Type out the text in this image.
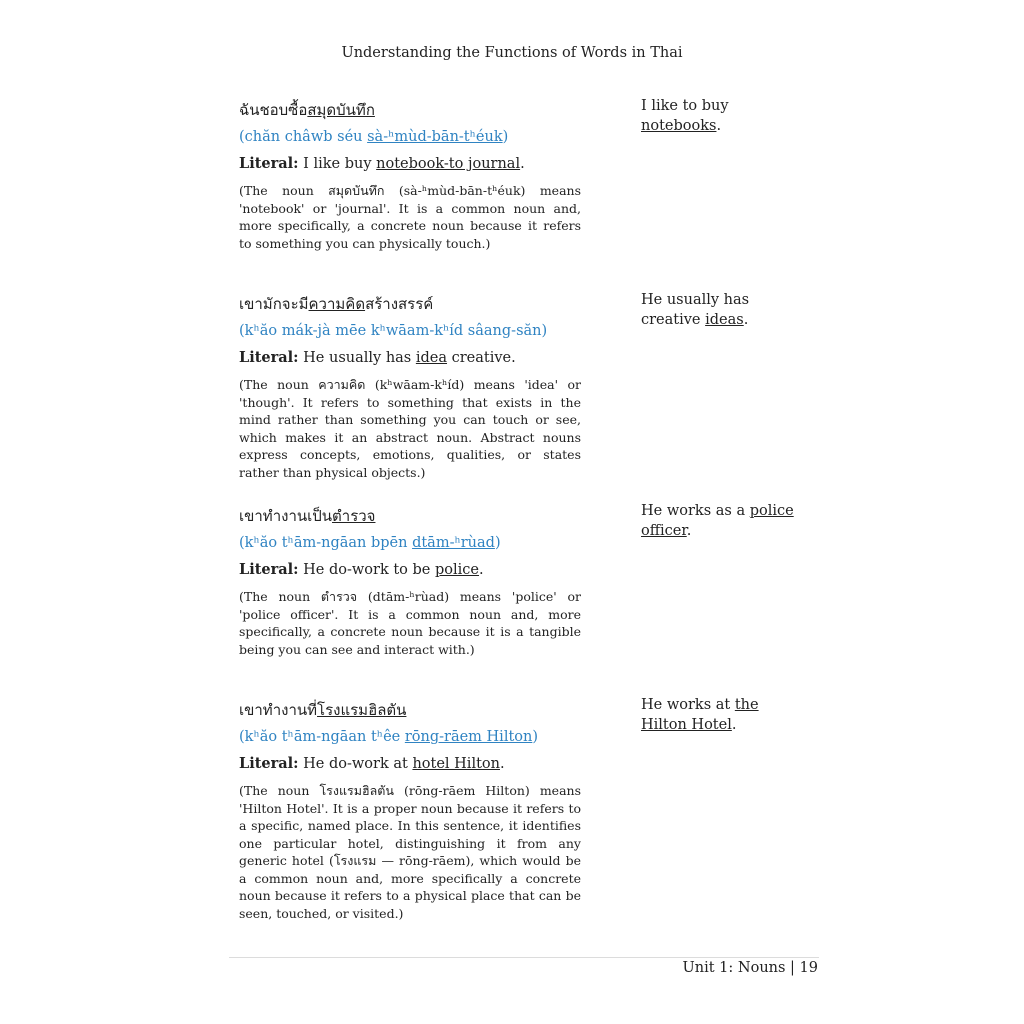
Understanding the Functions of Words in Thai

ฉันชอบซื้อสมุดบันทึก

(chăn châwb séu sà-ʰmùd-bān-tʰéuk)

Literal: I like buy notebook-to journal.

(The noun สมุดบันทึก (sà-ʰmùd-bān-tʰéuk) means 'notebook' or 'journal'. It is a common noun and, more specifically, a concrete noun because it refers to something you can physically touch.)

I like to buy notebooks.

เขามักจะมีความคิดสร้างสรรค์

(kʰăo mák-jà mēe kʰwāam-kʰíd sâang-săn)

Literal: He usually has idea creative.

(The noun ความคิด (kʰwāam-kʰíd) means 'idea' or 'though'. It refers to something that exists in the mind rather than something you can touch or see, which makes it an abstract noun. Abstract nouns express concepts, emotions, qualities, or states rather than physical objects.)

He usually has creative ideas.

เขาทำงานเป็นตำรวจ

(kʰăo tʰām-ngāan bpēn dtām-ʰrùad)

Literal: He do-work to be police.

(The noun ตำรวจ (dtām-ʰrùad) means 'police' or 'police officer'. It is a common noun and, more specifically, a concrete noun because it is a tangible being you can see and interact with.)

He works as a police officer.

เขาทำงานที่โรงแรมฮิลตัน

(kʰăo tʰām-ngāan tʰêe rōng-rāem Hilton)

Literal: He do-work at hotel Hilton.

(The noun โรงแรมฮิลตัน (rōng-rāem Hilton) means 'Hilton Hotel'. It is a proper noun because it refers to a specific, named place. In this sentence, it identifies one particular hotel, distinguishing it from any generic hotel (โรงแรม — rōng-rāem), which would be a common noun and, more specifically a concrete noun because it refers to a physical place that can be seen, touched, or visited.)

He works at the Hilton Hotel.
Unit 1: Nouns | 19
